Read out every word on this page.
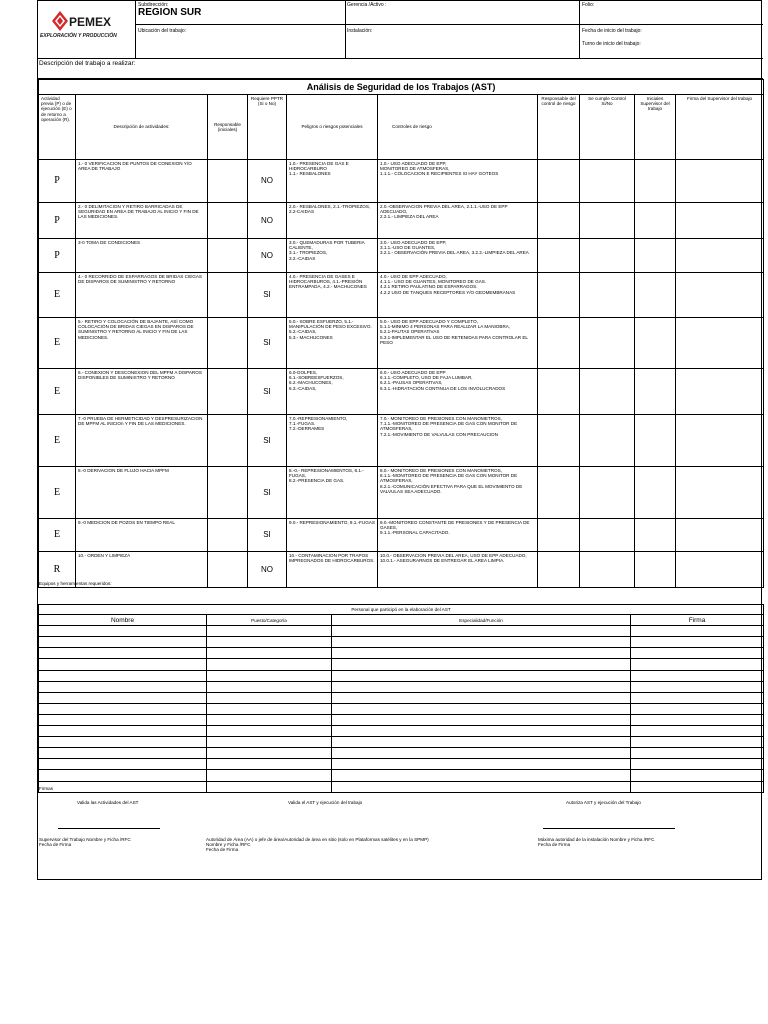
PEMEX
EXPLORACIÓN Y PRODUCCIÓN
Subdirección:
REGION SUR
Gerencia /Activo :	Folio:
Ubicación del trabajo:	Instalación:	Fecha de inicio del trabajo:
Turno de inicio del trabajo:
Descripción del trabajo a realizar:
Análisis de Seguridad de los Trabajos (AST)									
Actividad previa (P) o de ejecución (E) o de retorno a operación (R).	Descripción de actividades:	Responsable (iniciales)	Requiere PPTR (Si o No)	Peligros o riesgos potenciales	Controles de riesgo	Responsable del control de riesgo	Se cumple Control Si/No	Iniciales Supervisor del trabajo	Firma del Supervisor del trabajo
P	1.- 0 VERIFICACION DE PUNTOS DE CONEXION Y/O AREA DE TRABAJO		NO	1.0.- PRESENCIA DE GAS E HIDROCARBURO
1.1.- RESBALONES	1.0.- USO ADECUADO DE EPP,
MONITOREO DE ATMOSFERAS,
1.1.1.- COLOCACION E RECIPIENTES SI HAY GOTEOS				
P	2.- 0 DELIMITACION Y RETIRO BARRICADAS DE SEGURIDAD EN AREA DE TRABAJO AL INICIO Y FIN DE LAS MEDICIONES.		NO	2.0.- RESBALONES, 2.1.-TROPIEZOS, 2.2-CAIDAS	2.0.-OBSERVACION PREVIA DEL AREA, 2.1.1.-USO DE EPP ADECUADO,
2.2.1.- LIMPIEZA DEL AREA				
P	3-0 TOMA DE CONDICIONES		NO	3.0.- QUEMADURAS POR TUBERIA CALIENTE,
3.1.- TROPIEZOS,
3.2.-CAIDAS	3.0.- USO ADECUADO DE EPP,
3.1.1.-USO DE GUANTES,
3.2.1.- OBSERVACIÓN PREVIA DEL AREA, 3.2.2.-LIMPIEZA DEL AREA				
E	4.- 0 RECORRIDO DE ESPARRAGOS DE BRIDAS CIEGAS DE DISPAROS DE SUMINISTRO Y RETORNO		SI	4.0.- PRESENCIA DE GASES E HIDROCARBUROS, 4.1.-PRESIÓN ENTRAMPADA, 4.2.- MACHUCONES	4.0.- USO DE EPP ADECUADO,
4.1.1.- USO DE GUANTES, MONITOREO DE GAS.
4.2.1 RETIRO PAULATINO DE ESPARRAGOS.
4.2.2 USO DE TANQUES RECEPTORES Y/O GEOMEMBRANAS				
E	5.- RETIRO Y COLOCACIÓN DE BAJANTE, ASÍ COMO COLOCACIÓN DE BRIDAS CIEGAS EN DISPAROS DE SUMINISTRO Y RETORNO AL INICIO Y FIN DE LAS MEDICIONES.		SI	5.0.- SOBRE ESFUERZO, 5.1.- MANIPULACIÓN DE PESO EXCESIVO.
5.2.-CAIDAS,
5.3.- MACHUCONES	5.0.- USO DE EPP ADECUADO Y COMPLETO,
5.1.1-MINIMO 4 PERSONAS PARA REALIZAR LA MANIOBRA,
5.2.1-PAUTAS OPERATIVAS
5.3.1-IMPLEMENTAR EL USO DE RETENIDAS PARA CONTROLAR EL PESO				
E	6.- CONEXION Y DESCONEXION DEL MPFM A DISPAROS DISPONIBLES DE SUMINISTRO Y RETORNO		SI	6.0-GOLPES,
6.1.-SOBREESFUERZOS,
6.2.-MACHUCONES,
6.3.-CAIDAS,	6.0.- USO ADECUADO DE EPP
6.1.1.-COMPLETO, USO DE FAJA LUMBAR,
6.2.1.-PAUSAS OPERATIVAS,
6.3.1.-HIDRATACIÓN CONTINUA DE LOS INVOLUCRADOS				
E	7.-0 PRUEBA DE HERMETICIDAD Y DESPRESURIZACION DE MPFM AL INICIOn Y FIN DE LAS MEDICIONES.		SI	7.0.-REPRESIONAMIENTO,
7.1.-FUGAS.
7.2.-DERRAMES	7.0.- MONITOREO DE PRESIONES CON MANOMETROS,
7.1.1.-MONITOREO DE PRESENCIA DE GAS CON MONITOR DE ATMOSFERAS,
7.2.1.-MOVIMIENTO DE VALVULAS CON PRECAUCION				
E	8.-0 DERIVACION DE FLUJO HACIA MPFM		SI	8.-0.- REPRESIONAMIENTOS, 8.1.-FUGAS,
8.2.-PRESENCIA DE GAS.	8.0.- MONITOREO DE PRESIONES CON MANOMETROS,
8.1.1.-MONITOREO DE PRESENCIA DE GAS CON MONITOR DE ATMOSFERAS,
8.2.1.-COMUNICACIÓN EFECTIVA PARA QUE EL MOVIMIENTO DE VALVULAS SEA ADECUADO.				
E	9.-0 MEDICION DE POZOS EN TIEMPO REAL		SI	9.0.- REPRESIONAMIENTO, 9.1.-FUGAS	9.0.-MONITOREO CONSTANTE DE PRESIONES Y DE PRESENCIA DE GASES,
9.1.1.-PERSONAL CAPACITADO.				
R	10.- ORDEN Y LIMPIEZA		NO	10.- CONTAMINACION POR TRAPOS IMPREGNADOS DE HIDROCARBUROS.	10.0.- OBSERVACION PREVIA DEL AREA, USO DE EPP ADECUADO,
10.0.1.- ASEGURARNOS DE ENTREGAR EL AREA LIMPIA.				
Equipos y herramientas requeridos:
Personal que participó en la elaboración del AST			
Nombre	Puesto/Categoría	Especialidad/Función	Firma

Firmas
Valida las Actividades del AST	Valida el AST y ejecución del trabajo	Autoriza AST y ejecución del Trabajo
Supervisor del Trabajo Nombre y Ficha /RFC
Fecha de Firma
Autoridad de Área (AA) o jefe de área/Autoridad de área en sitio (solo en Plataformas satélites y en la SPMP)
Nombre y Ficha /RFC
Fecha de Firma
Máxima autoridad de la instalación Nombre y Ficha /RFC
Fecha de Firma
